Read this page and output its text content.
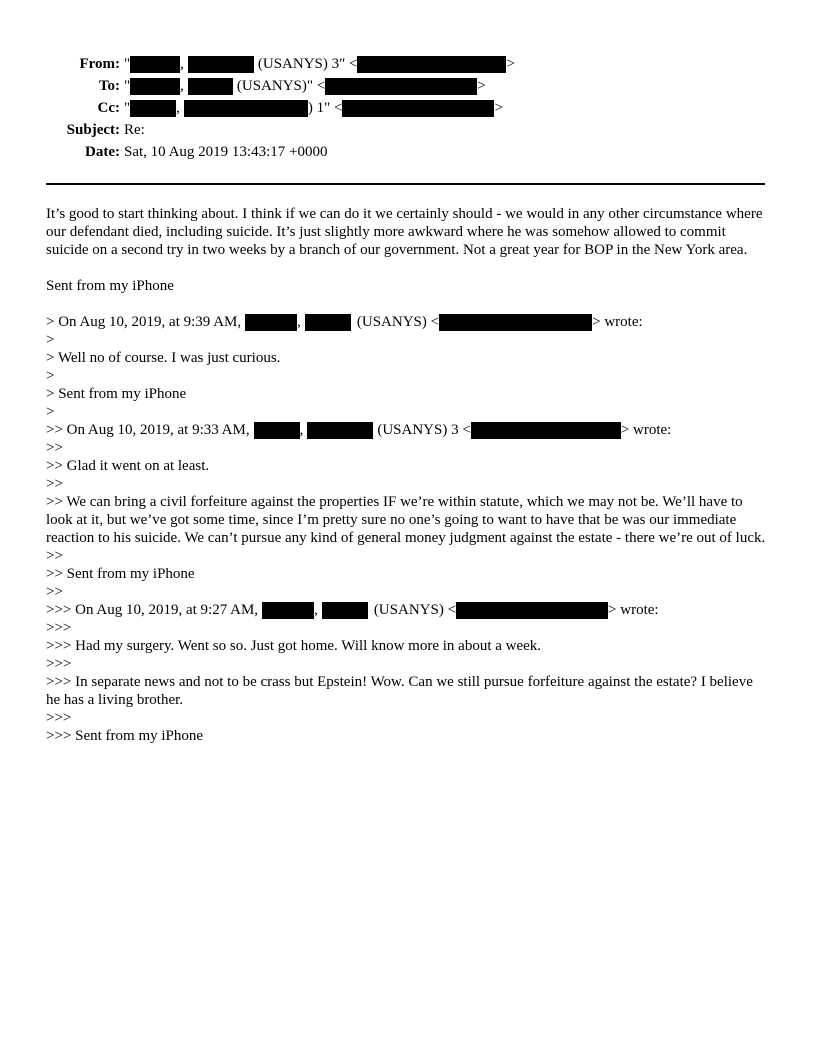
From: "	,	(USANYS) 3" <	>
To: "	,	(USANYS)" <	>
Cc: "	,	) 1" <	>
Subject: Re:
Date: Sat, 10 Aug 2019 13:43:17 +0000
It’s good to start thinking about. I think if we can do it we certainly should - we would in any other circumstance where our defendant died, including suicide. It’s just slightly more awkward where he was somehow allowed to commit suicide on a second try in two weeks by a branch of our government. Not a great year for BOP in the New York area.
Sent from my iPhone
> On Aug 10, 2019, at 9:39 AM,	,	(USANYS) <	> wrote:
>
> Well no of course. I was just curious.
>
> Sent from my iPhone
>
>> On Aug 10, 2019, at 9:33 AM,	,	(USANYS) 3 <	> wrote:
>>
>> Glad it went on at least.
>>
>> We can bring a civil forfeiture against the properties IF we’re within statute, which we may not be. We’ll have to look at it, but we’ve got some time, since I’m pretty sure no one’s going to want to have that be was our immediate reaction to his suicide. We can’t pursue any kind of general money judgment against the estate - there we’re out of luck.
>>
>> Sent from my iPhone
>>
>>> On Aug 10, 2019, at 9:27 AM,	,	(USANYS) <	> wrote:
>>>
>>> Had my surgery. Went so so. Just got home. Will know more in about a week.
>>>
>>> In separate news and not to be crass but Epstein! Wow. Can we still pursue forfeiture against the estate? I believe he has a living brother.
>>>
>>> Sent from my iPhone
